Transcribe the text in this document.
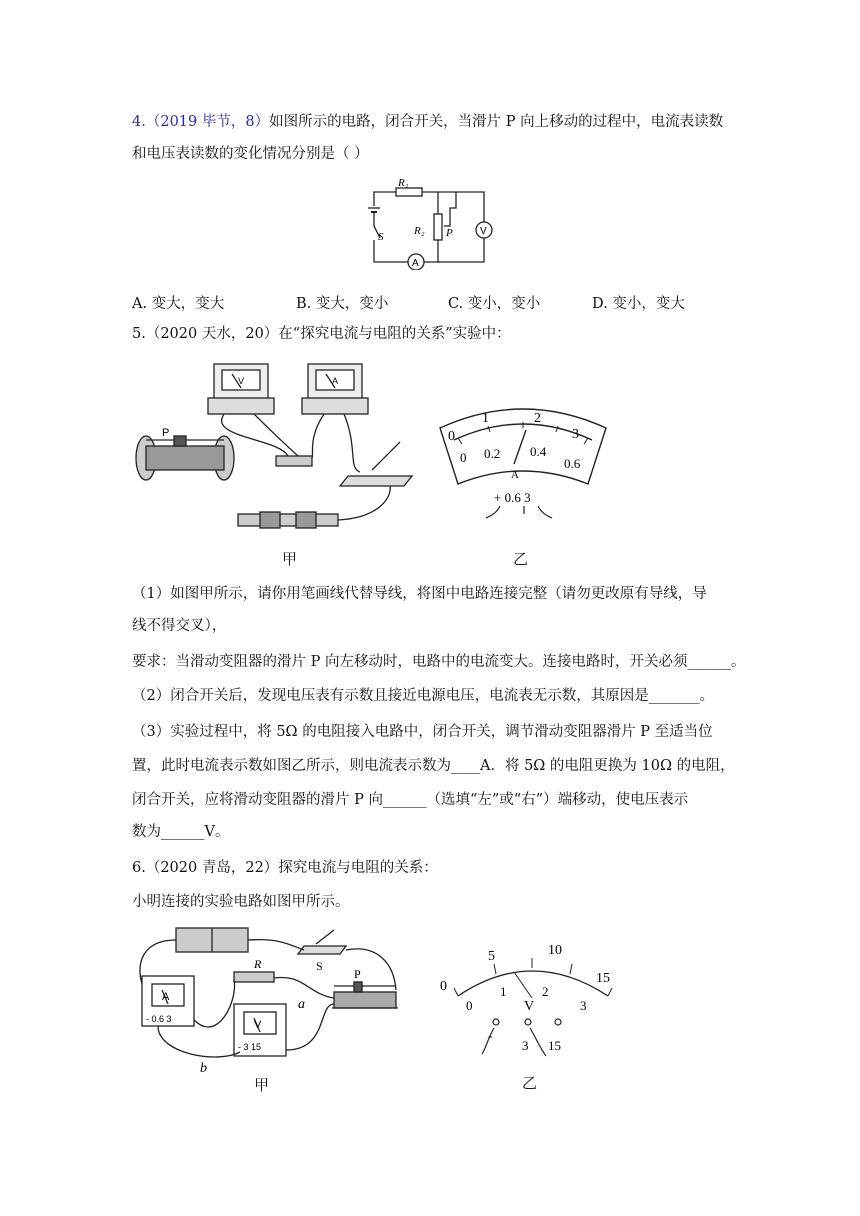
4.（2019 毕节，8）如图所示的电路，闭合开关，当滑片 P 向上移动的过程中，电流表读数
和电压表读数的变化情况分别是（ ）
R₁
R₂ P
S	V
A
A. 变大，变大	B. 变大，变小	C. 变小，变小	D. 变小，变大
5.（2020 天水，20）在“探究电流与电阻的关系”实验中：
P
V	A
甲
1	2
3
0
0 0.2 0.4
0.6
A
+ 0.6 3
乙
（1）如图甲所示，请你用笔画线代替导线，将图中电路连接完整（请勿更改原有导线，导
线不得交叉），
要求：当滑动变阻器的滑片 P 向左移动时，电路中的电流变大。连接电路时，开关必须______。
（2）闭合开关后，发现电压表有示数且接近电源电压，电流表无示数，其原因是_______。
（3）实验过程中，将 5Ω 的电阻接入电路中，闭合开关，调节滑动变阻器滑片 P 至适当位
置，此时电流表示数如图乙所示，则电流表示数为____A．将 5Ω 的电阻更换为 10Ω 的电阻，
闭合开关，应将滑动变阻器的滑片 P 向______（选填“左”或“右”）端移动，使电压表示
数为______V。
6.（2020 青岛，22）探究电流与电阻的关系：
小明连接的实验电路如图甲所示。
R	S
P
a
b
A
V
- 0.6 3
- 3 15
甲
0
5	10
15
0
1	2
3
V
-
3 15
乙
